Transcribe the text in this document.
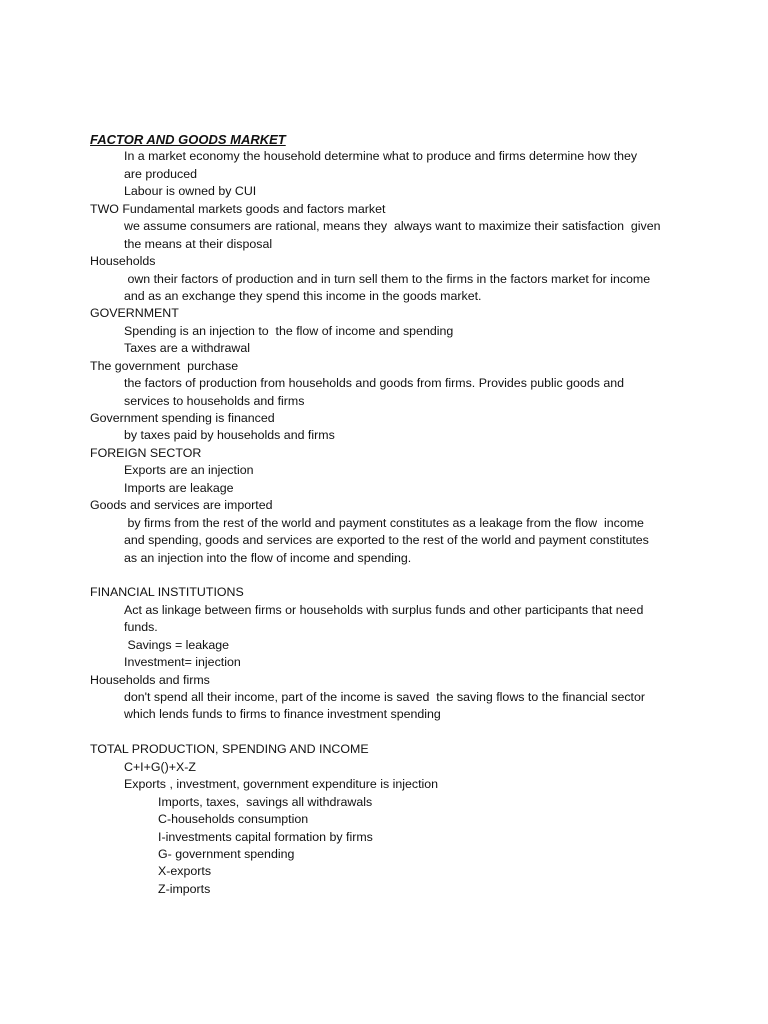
FACTOR AND GOODS MARKET
In a market economy the household determine what to produce and firms determine how they
are produced
Labour is owned by CUI
TWO Fundamental markets goods and factors market
we assume consumers are rational, means they  always want to maximize their satisfaction  given
the means at their disposal
Households
own their factors of production and in turn sell them to the firms in the factors market for income
and as an exchange they spend this income in the goods market.
GOVERNMENT
Spending is an injection to  the flow of income and spending
Taxes are a withdrawal
The government  purchase
the factors of production from households and goods from firms. Provides public goods and
services to households and firms
Government spending is financed
by taxes paid by households and firms
FOREIGN SECTOR
Exports are an injection
Imports are leakage
Goods and services are imported
by firms from the rest of the world and payment constitutes as a leakage from the flow  income
and spending, goods and services are exported to the rest of the world and payment constitutes
as an injection into the flow of income and spending.
FINANCIAL INSTITUTIONS
Act as linkage between firms or households with surplus funds and other participants that need
funds.
Savings = leakage
Investment= injection
Households and firms
don't spend all their income, part of the income is saved  the saving flows to the financial sector
which lends funds to firms to finance investment spending
TOTAL PRODUCTION, SPENDING AND INCOME
C+I+G()+X-Z
Exports , investment, government expenditure is injection
Imports, taxes,  savings all withdrawals
C-households consumption
I-investments capital formation by firms
G- government spending
X-exports
Z-imports
